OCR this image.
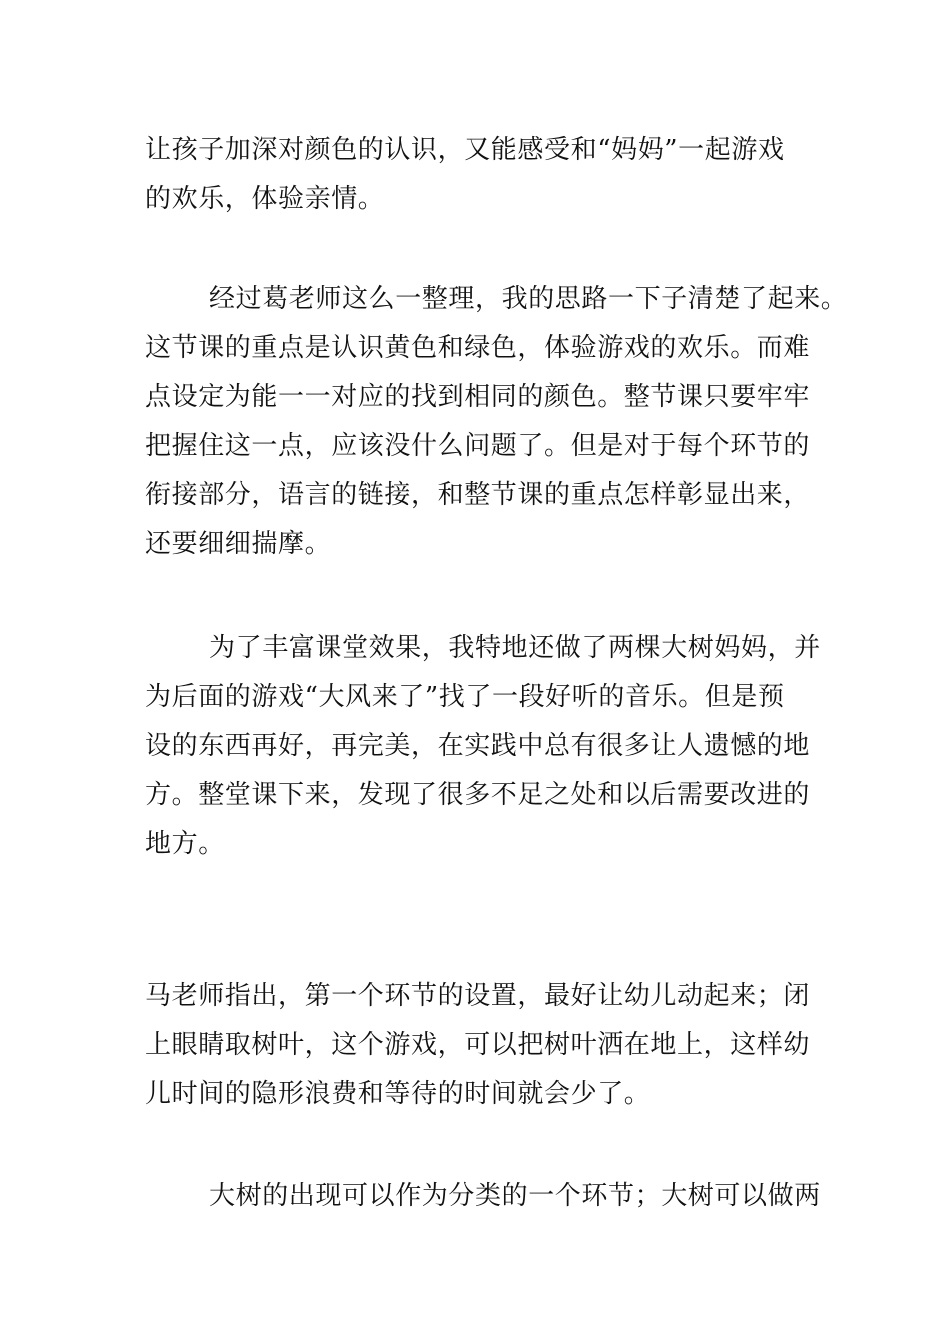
让孩子加深对颜色的认识，又能感受和“妈妈”一起游戏
的欢乐，体验亲情。
经过葛老师这么一整理，我的思路一下子清楚了起来。
这节课的重点是认识黄色和绿色，体验游戏的欢乐。而难
点设定为能一一对应的找到相同的颜色。整节课只要牢牢
把握住这一点，应该没什么问题了。但是对于每个环节的
衔接部分，语言的链接，和整节课的重点怎样彰显出来，
还要细细揣摩。
为了丰富课堂效果，我特地还做了两棵大树妈妈，并
为后面的游戏“大风来了”找了一段好听的音乐。但是预
设的东西再好，再完美，在实践中总有很多让人遗憾的地
方。整堂课下来，发现了很多不足之处和以后需要改进的
地方。
马老师指出，第一个环节的设置，最好让幼儿动起来；闭
上眼睛取树叶，这个游戏，可以把树叶洒在地上，这样幼
儿时间的隐形浪费和等待的时间就会少了。
大树的出现可以作为分类的一个环节；大树可以做两
